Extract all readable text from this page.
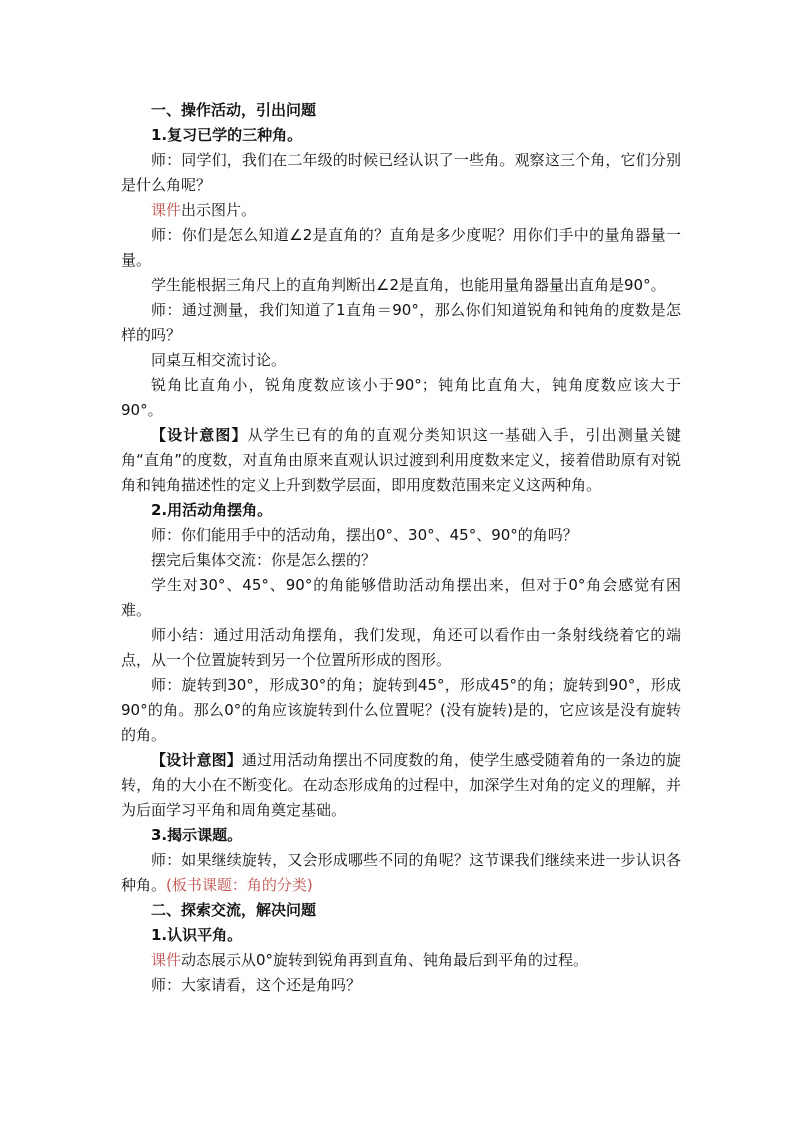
一、操作活动，引出问题

1.复习已学的三种角。

师：同学们，我们在二年级的时候已经认识了一些角。观察这三个角，它们分别是什么角呢？

课件出示图片。

师：你们是怎么知道∠2是直角的？直角是多少度呢？用你们手中的量角器量一量。

学生能根据三角尺上的直角判断出∠2是直角，也能用量角器量出直角是90°。

师：通过测量，我们知道了1直角＝90°，那么你们知道锐角和钝角的度数是怎样的吗？

同桌互相交流讨论。

锐角比直角小，锐角度数应该小于90°；钝角比直角大，钝角度数应该大于90°。

【设计意图】从学生已有的角的直观分类知识这一基础入手，引出测量关键角“直角”的度数，对直角由原来直观认识过渡到利用度数来定义，接着借助原有对锐角和钝角描述性的定义上升到数学层面，即用度数范围来定义这两种角。

2.用活动角摆角。

师：你们能用手中的活动角，摆出0°、30°、45°、90°的角吗？

摆完后集体交流：你是怎么摆的？

学生对30°、45°、90°的角能够借助活动角摆出来，但对于0°角会感觉有困难。

师小结：通过用活动角摆角，我们发现，角还可以看作由一条射线绕着它的端点，从一个位置旋转到另一个位置所形成的图形。

师：旋转到30°，形成30°的角；旋转到45°，形成45°的角；旋转到90°，形成90°的角。那么0°的角应该旋转到什么位置呢？(没有旋转)是的，它应该是没有旋转的角。

【设计意图】通过用活动角摆出不同度数的角，使学生感受随着角的一条边的旋转，角的大小在不断变化。在动态形成角的过程中，加深学生对角的定义的理解，并为后面学习平角和周角奠定基础。

3.揭示课题。

师：如果继续旋转，又会形成哪些不同的角呢？这节课我们继续来进一步认识各种角。(板书课题：角的分类)

二、探索交流，解决问题

1.认识平角。

课件动态展示从0°旋转到锐角再到直角、钝角最后到平角的过程。

师：大家请看，这个还是角吗？
